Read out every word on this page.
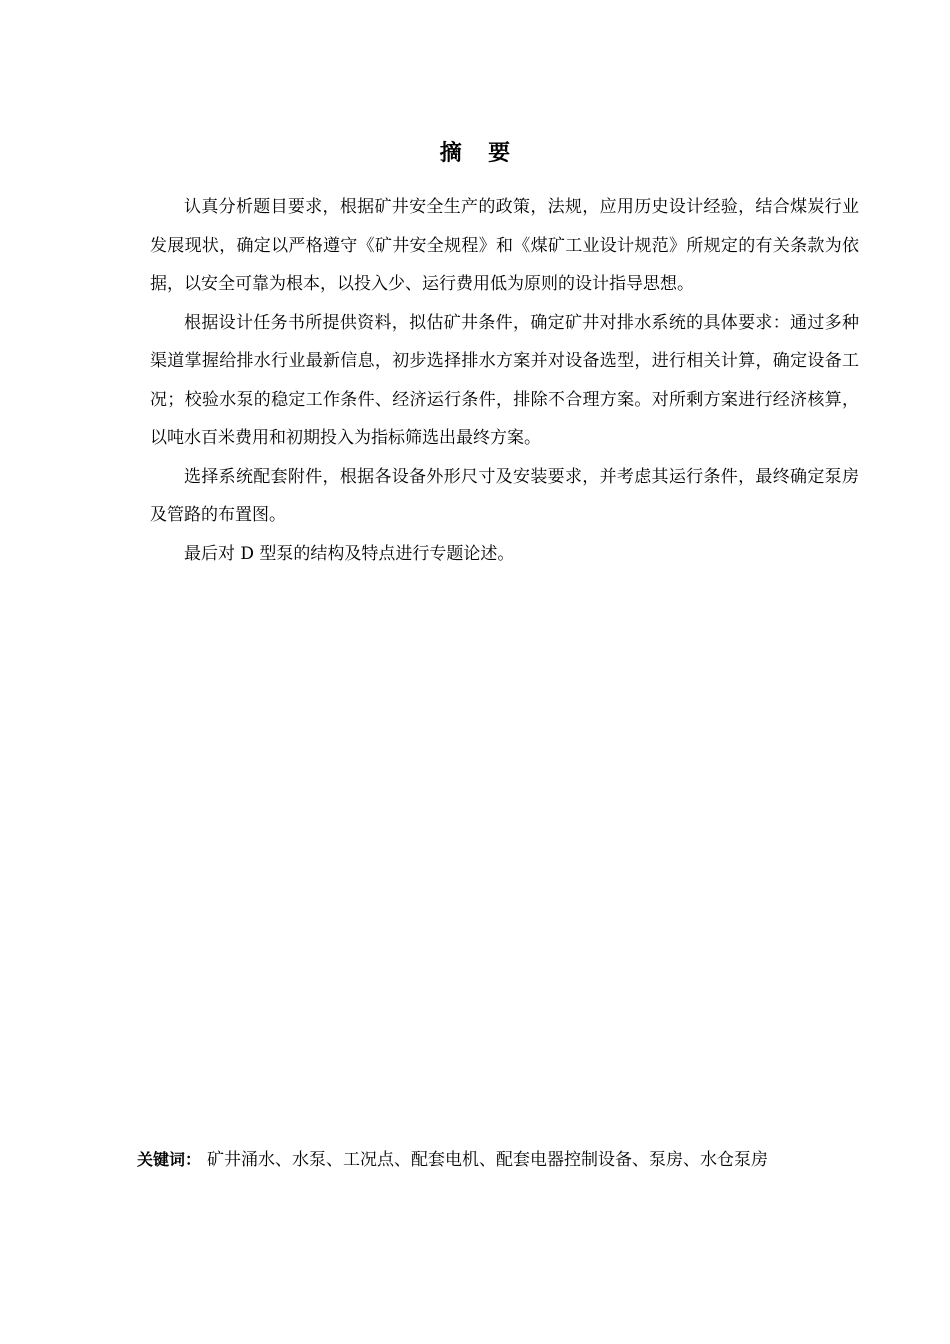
摘要

认真分析题目要求，根据矿井安全生产的政策，法规，应用历史设计经验，结合煤炭行业发展现状，确定以严格遵守《矿井安全规程》和《煤矿工业设计规范》所规定的有关条款为依据，以安全可靠为根本，以投入少、运行费用低为原则的设计指导思想。

根据设计任务书所提供资料，拟估矿井条件，确定矿井对排水系统的具体要求：通过多种渠道掌握给排水行业最新信息，初步选择排水方案并对设备选型，进行相关计算，确定设备工况；校验水泵的稳定工作条件、经济运行条件，排除不合理方案。对所剩方案进行经济核算，以吨水百米费用和初期投入为指标筛选出最终方案。

选择系统配套附件，根据各设备外形尺寸及安装要求，并考虑其运行条件，最终确定泵房及管路的布置图。

最后对 D 型泵的结构及特点进行专题论述。

关键词： 矿井涌水、水泵、工况点、配套电机、配套电器控制设备、泵房、水仓泵房
